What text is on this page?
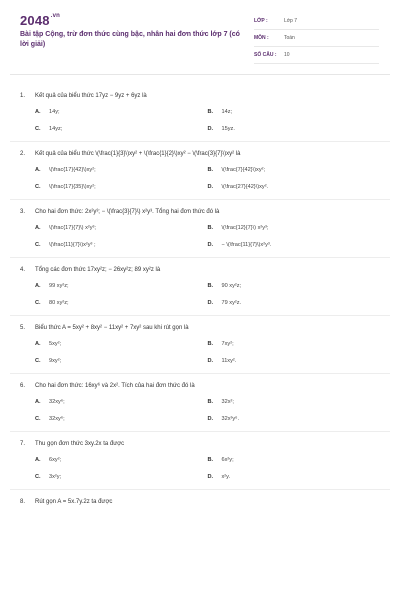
$2048^{.vn}$
Bài tập Cộng, trừ đơn thức cùng bậc, nhân hai đơn thức lớp 7 (có lời giải)
LỚP :	Lớp 7
MÔN :	Toán
SỐ CÂU :	10
1.	Kết quả của biểu thức 17yz − 9yz + 6yz là
A.	14y;	B.	14z;
C.	14yz;	D.	15yz.
2.	Kết quả của biểu thức \(\frac{1}{3}\)xy² + \(\frac{1}{2}\)xy² − \(\frac{3}{7}\)xy² là
A.	\(\frac{17}{42}\)xy²;	B.	\(\frac{7}{42}\)xy²;
C.	\(\frac{17}{35}\)xy²;	D.	\(\frac{27}{42}\)xy².
3.	Cho hai đơn thức: 2x²y³; − \(\frac{3}{7}\) x²y³. Tổng hai đơn thức đó là
A.	\(\frac{17}{7}\) x²y³;	B.	\(\frac{12}{7}\) x²y³;
C.	\(\frac{11}{7}\)x²y³ ;	D.	− \(\frac{11}{7}\)x²y³.
4.	Tổng các đơn thức 17xy²z; − 26xy²z; 89 xy²z là
A.	99 xy²z;	B.	90 xy²z;
C.	80 xy²z;	D.	79 xy²z.
5.	Biểu thức A = 5xy² + 8xy² − 11xy² + 7xy² sau khi rút gọn là
A.	5xy²;	B.	7xy²;
C.	9xy²;	D.	11xy².
6.	Cho hai đơn thức: 16xy⁶ và 2x². Tích của hai đơn thức đó là
A.	32xy⁶;	B.	32x²;
C.	32xy⁶;	D.	32x³y⁶.
7.	Thu gọn đơn thức 3xy.2x ta được
A.	6xy²;	B.	6x²y;
C.	3x²y;	D.	x²y.
8.	Rút gọn A = 5x.7y.2z ta được
